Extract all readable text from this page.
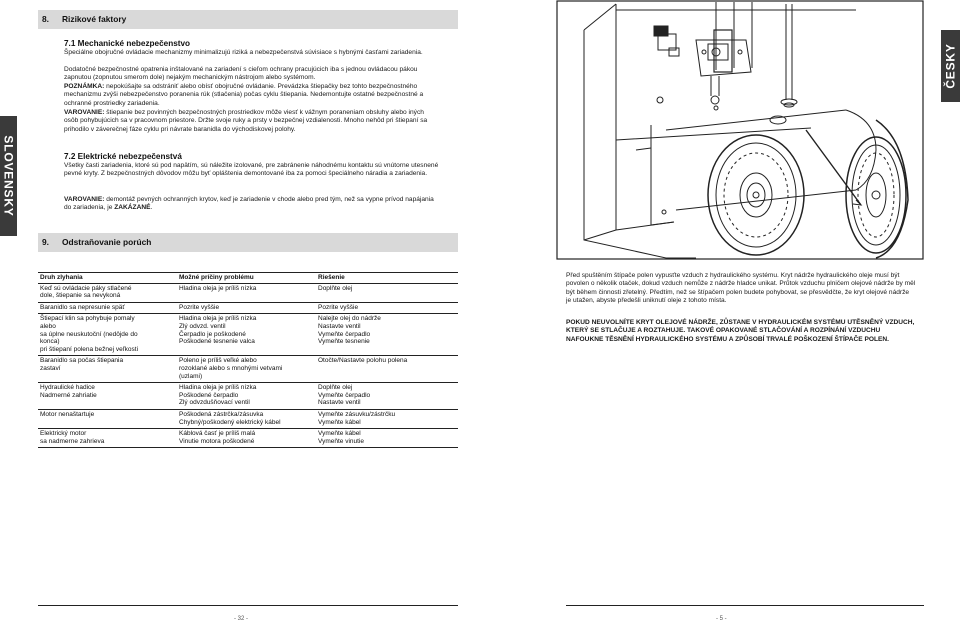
8. Rizikové faktory
7.1 Mechanické nebezpečenstvo
Špeciálne obojručné ovládacie mechanizmy minimalizujú riziká a nebezpečenstvá súvisiace s hybnými časťami zariadenia.
Dodatočné bezpečnostné opatrenia inštalované na zariadení s cieľom ochrany pracujúcich iba s jednou ovládacou pákou zapnutou (zopnutou smerom dole) nejakým mechanickým nástrojom alebo systémom.
POZNÁMKA: nepokúšajte sa odstrániť alebo obísť obojručné ovládanie. Prevádzka štiepačky bez tohto bezpečnostného mechanizmu zvýši nebezpečenstvo poranenia rúk (stlačenia) počas cyklu štiepania. Nedemontujte ostatné bezpečnostné a ochranné prostriedky zariadenia.
VAROVANIE: štiepanie bez povinných bezpečnostných prostriedkov môže viesť k vážnym poraneniam obsluhy alebo iných osôb pohybujúcich sa v pracovnom priestore. Držte svoje ruky a prsty v bezpečnej vzdialenosti. Mnoho nehôd pri štiepaní sa prihodilo v záverečnej fáze cyklu pri návrate baranidla do východiskovej polohy.
7.2 Elektrické nebezpečenstvá
Všetky časti zariadenia, ktoré sú pod napätím, sú náležite izolované, pre zabránenie náhodnému kontaktu sú vnútorne utesnené pevné kryty. Z bezpečnostných dôvodov môžu byť opláštenia demontované iba za pomoci špeciálneho náradia a zariadenia.
VAROVANIE: demontáž pevných ochranných krytov, keď je zariadenie v chode alebo pred tým, než sa vypne prívod napájania do zariadenia, je ZAKÁZANÉ.
9. Odstraňovanie porúch
Druh zlyhania	Možné príčiny problému	Riešenie

Keď sú ovládacie páky stlačené
dole, štiepanie sa nevykoná	Hladina oleja je príliš nízka	Doplňte olej

Baranidlo sa nepresunie späť	Pozrite vyššie	Pozrite vyššie

Štiepací klin sa pohybuje pomaly
alebo
sa úplne neuskutoční (nedôjde do
konca)
pri štiepaní polena bežnej veľkosti	Hladina oleja je príliš nízka
Zlý odvzd. ventil
Čerpadlo je poškodené
Poškodené tesnenie valca	Nalejte olej do nádrže
Nastavte ventil
Vymeňte čerpadlo
Vymeňte tesnenie

Baranidlo sa počas štiepania
zastaví	Poleno je príliš veľké alebo
rozoklané alebo s mnohými vetvami
(uzlami)	Otočte/Nastavte polohu polena

Hydraulické hadice
Nadmerné zahriatie	Hladina oleja je príliš nízka
Poškodené čerpadlo
Zlý odvzdušňovací ventil	Doplňte olej
Vymeňte čerpadlo
Nastavte ventil

Motor nenaštartuje	Poškodená zástrčka/zásuvka
Chybný/poškodený elektrický kábel	Vymeňte zásuvku/zástrčku
Vymeňte kábel

Elektrický motor
sa nadmerne zahrieva	Káblová časť je príliš malá
Vinutie motora poškodené	Vymeňte kábel
Vymeňte vinutie
SLOVENSKY
- 32 -
ČESKY
Před spuštěním štípače polen vypusťte vzduch z hydraulického systému. Kryt nádrže hydraulického oleje musí být povolen o několik otaček, dokud vzduch nemůže z nádrže hladce unikat. Průtok vzduchu plničem olejové nádrže by měl být během činnosti zřetelný. Předtím, než se štípačem polen budete pohybovat, se přesvědčte, že kryt olejové nádrže je utažen, abyste předešli uniknutí oleje z tohoto místa.
POKUD NEUVOLNÍTE KRYT OLEJOVÉ NÁDRŽE, ZŮSTANE V HYDRAULICKÉM SYSTÉMU UTĚSNĚNÝ VZDUCH, KTERÝ SE STLAČUJE A ROZTAHUJE. TAKOVÉ OPAKOVANÉ STLAČOVÁNÍ A ROZPÍNÁNÍ VZDUCHU NAFOUKNE TĚSNĚNÍ HYDRAULICKÉHO SYSTÉMU A ZPŮSOBÍ TRVALÉ POŠKOZENÍ ŠTÍPAČE POLEN.
- 5 -
